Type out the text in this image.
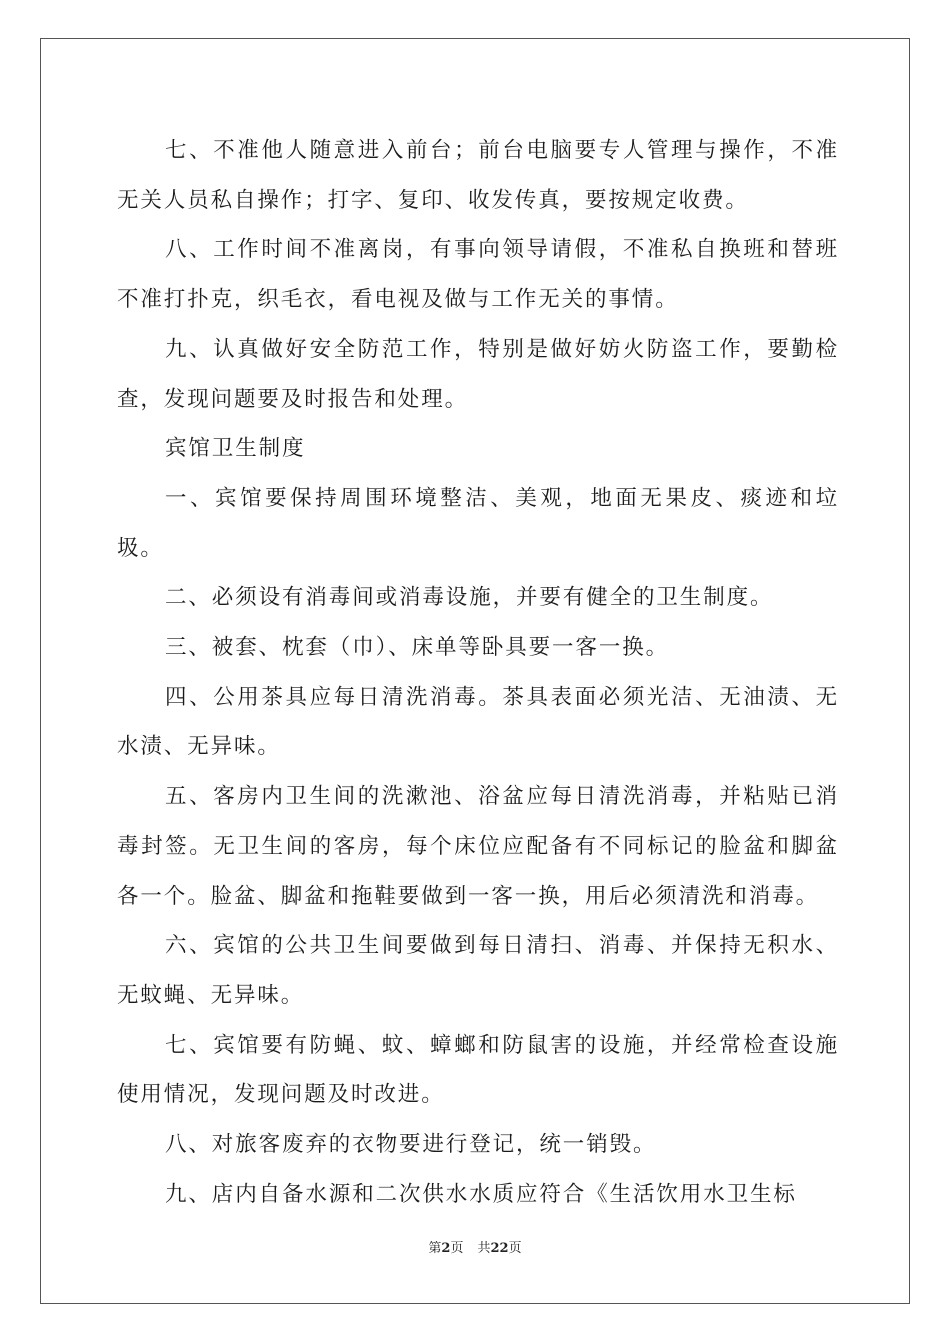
七、不准他人随意进入前台；前台电脑要专人管理与操作，不准无关人员私自操作；打字、复印、收发传真，要按规定收费。

八、工作时间不准离岗，有事向领导请假，不准私自换班和替班不准打扑克，织毛衣，看电视及做与工作无关的事情。

九、认真做好安全防范工作，特别是做好妨火防盗工作，要勤检查，发现问题要及时报告和处理。

宾馆卫生制度

一、宾馆要保持周围环境整洁、美观，地面无果皮、痰迹和垃圾。

二、必须设有消毒间或消毒设施，并要有健全的卫生制度。

三、被套、枕套（巾）、床单等卧具要一客一换。

四、公用茶具应每日清洗消毒。茶具表面必须光洁、无油渍、无水渍、无异味。

五、客房内卫生间的洗漱池、浴盆应每日清洗消毒，并粘贴已消毒封签。无卫生间的客房，每个床位应配备有不同标记的脸盆和脚盆各一个。脸盆、脚盆和拖鞋要做到一客一换，用后必须清洗和消毒。

六、宾馆的公共卫生间要做到每日清扫、消毒、并保持无积水、无蚊蝇、无异味。

七、宾馆要有防蝇、蚊、蟑螂和防鼠害的设施，并经常检查设施使用情况，发现问题及时改进。

八、对旅客废弃的衣物要进行登记，统一销毁。

九、店内自备水源和二次供水水质应符合《生活饮用水卫生标

第2页 共22页
